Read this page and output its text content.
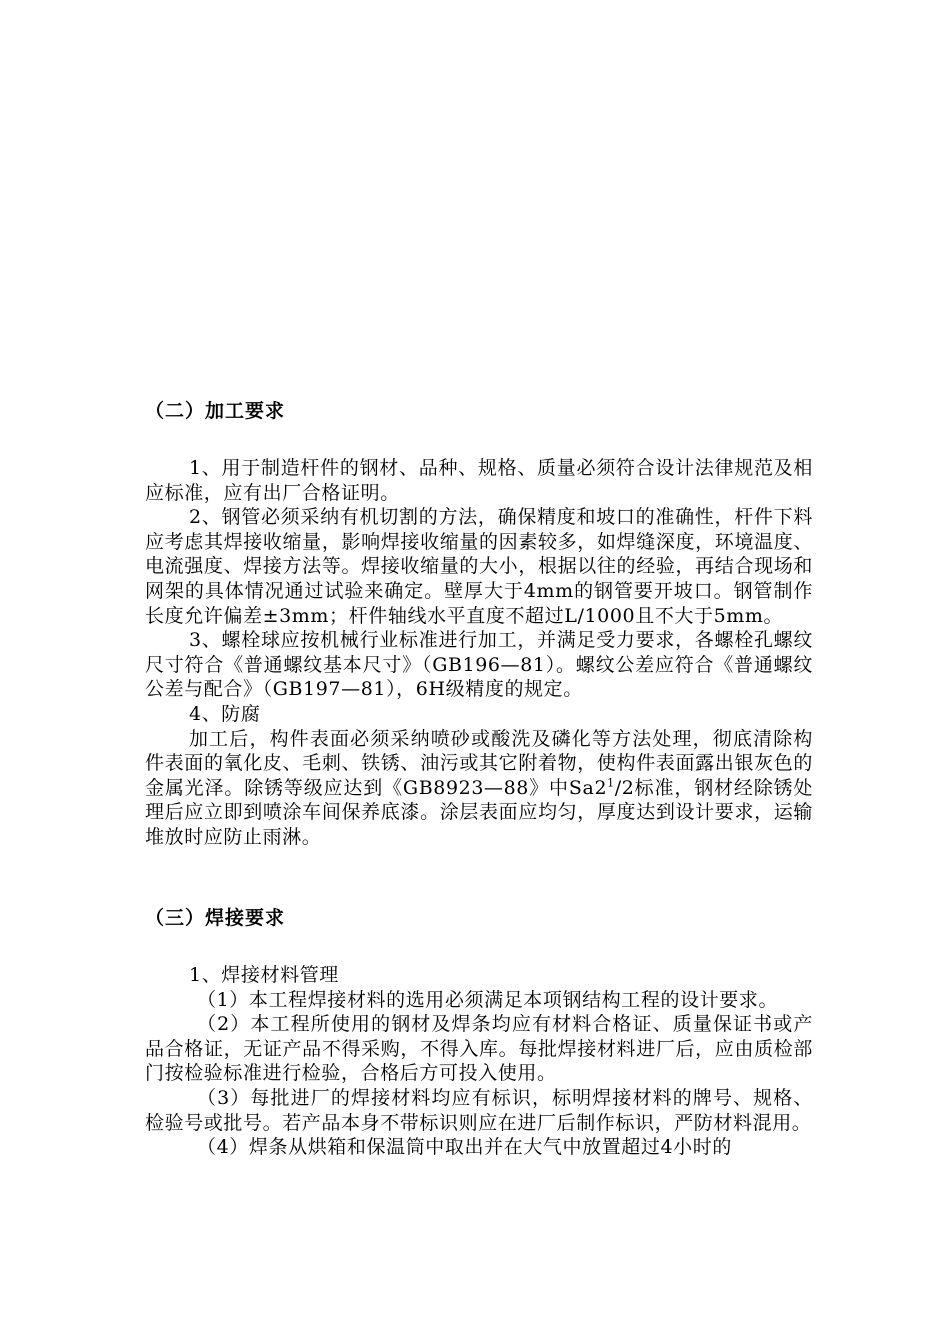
（二）加工要求

1、用于制造杆件的钢材、品种、规格、质量必须符合设计法律规范及相应标准，应有出厂合格证明。

2、钢管必须采纳有机切割的方法，确保精度和坡口的准确性，杆件下料应考虑其焊接收缩量，影响焊接收缩量的因素较多，如焊缝深度，环境温度、电流强度、焊接方法等。焊接收缩量的大小，根据以往的经验，再结合现场和网架的具体情况通过试验来确定。壁厚大于4mm的钢管要开坡口。钢管制作长度允许偏差±3mm；杆件轴线水平直度不超过L/1000且不大于5mm。

3、螺栓球应按机械行业标准进行加工，并满足受力要求，各螺栓孔螺纹尺寸符合《普通螺纹基本尺寸》（GB196—81）。螺纹公差应符合《普通螺纹公差与配合》（GB197—81），6H级精度的规定。

4、防腐

加工后，构件表面必须采纳喷砂或酸洗及磷化等方法处理，彻底清除构件表面的氧化皮、毛刺、铁锈、油污或其它附着物，使构件表面露出银灰色的金属光泽。除锈等级应达到《GB8923—88》中$Sa2^1/2$标准，钢材经除锈处理后应立即到喷涂车间保养底漆。涂层表面应均匀，厚度达到设计要求，运输堆放时应防止雨淋。

（三）焊接要求

1、焊接材料管理

（1）本工程焊接材料的选用必须满足本项钢结构工程的设计要求。

（2）本工程所使用的钢材及焊条均应有材料合格证、质量保证书或产品合格证，无证产品不得采购，不得入库。每批焊接材料进厂后，应由质检部门按检验标准进行检验，合格后方可投入使用。

（3）每批进厂的焊接材料均应有标识，标明焊接材料的牌号、规格、检验号或批号。若产品本身不带标识则应在进厂后制作标识，严防材料混用。

（4）焊条从烘箱和保温筒中取出并在大气中放置超过4小时的
